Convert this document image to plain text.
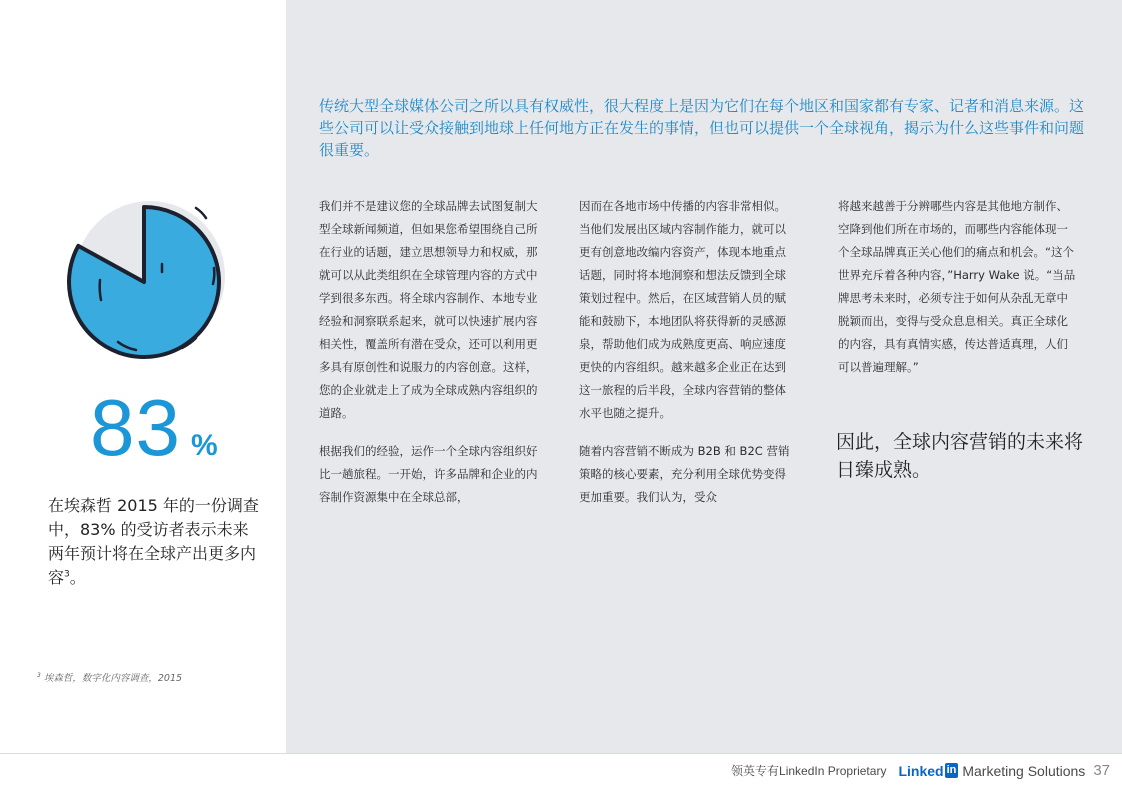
83 %
在埃森哲 2015 年的一份调查中，83% 的受访者表示未来两年预计将在全球产出更多内容$^3$。
$^3$ 埃森哲，数字化内容调查，2015
传统大型全球媒体公司之所以具有权威性，很大程度上是因为它们在每个地区和国家都有专家、记者和消息来源。这些公司可以让受众接触到地球上任何地方正在发生的事情，但也可以提供一个全球视角，揭示为什么这些事件和问题很重要。

我们并不是建议您的全球品牌去试图复制大型全球新闻频道，但如果您希望围绕自己所在行业的话题，建立思想领导力和权威，那就可以从此类组织在全球管理内容的方式中学到很多东西。将全球内容制作、本地专业经验和洞察联系起来，就可以快速扩展内容相关性，覆盖所有潜在受众，还可以利用更多具有原创性和说服力的内容创意。这样，您的企业就走上了成为全球成熟内容组织的道路。

根据我们的经验，运作一个全球内容组织好比一趟旅程。一开始，许多品牌和企业的内容制作资源集中在全球总部，

因而在各地市场中传播的内容非常相似。当他们发展出区域内容制作能力，就可以更有创意地改编内容资产，体现本地重点话题，同时将本地洞察和想法反馈到全球策划过程中。然后，在区域营销人员的赋能和鼓励下，本地团队将获得新的灵感源泉，帮助他们成为成熟度更高、响应速度更快的内容组织。越来越多企业正在达到这一旅程的后半段，全球内容营销的整体水平也随之提升。

随着内容营销不断成为 B2B 和 B2C 营销策略的核心要素，充分利用全球优势变得更加重要。我们认为，受众

将越来越善于分辨哪些内容是其他地方制作、空降到他们所在市场的，而哪些内容能体现一个全球品牌真正关心他们的痛点和机会。“这个世界充斥着各种内容，”Harry Wake 说。“当品牌思考未来时，必须专注于如何从杂乱无章中脱颖而出，变得与受众息息相关。真正全球化的内容，具有真情实感，传达普适真理，人们可以普遍理解。”

因此，全球内容营销的未来将日臻成熟。
领英专有LinkedIn Proprietary Linked in Marketing Solutions 37
